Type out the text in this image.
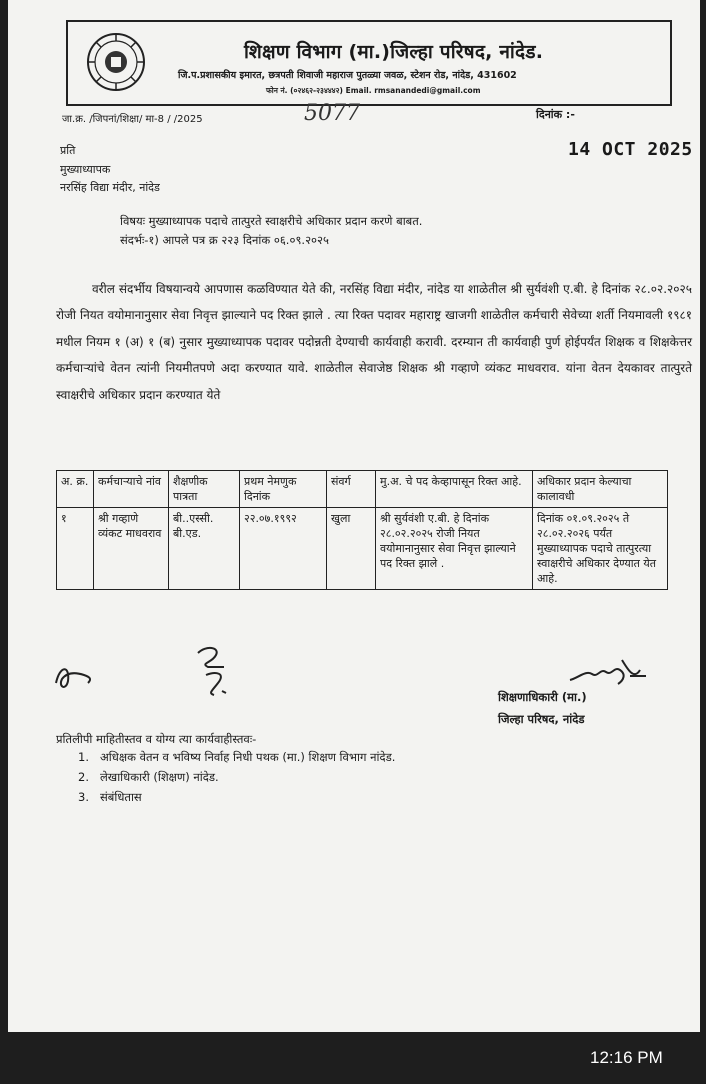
शिक्षण विभाग (मा.)जिल्हा परिषद, नांदेड.
जि.प.प्रशासकीय इमारत, छत्रपती शिवाजी महाराज पुतळ्या जवळ, स्टेशन रोड, नांदेड, 431602
फोन नं. (०२४६२-२३४४४२) Email. rmsanandedi@gmail.com
जा.क्र. /जिपनां/शिक्षा/ मा-8 / /2025	5077	दिनांक :-
14 OCT 2025
प्रति
मुख्याध्यापक
नरसिंह विद्या मंदीर, नांदेड
विषयः मुख्याध्यापक पदाचे तात्पुरते स्वाक्षरीचे अधिकार प्रदान करणे बाबत.
संदर्भः-१) आपले पत्र क्र २२३ दिनांक ०६.०९.२०२५
वरील संदर्भीय विषयान्वये आपणास कळविण्यात येते की, नरसिंह विद्या मंदीर, नांदेड या शाळेतील श्री सुर्यवंशी ए.बी. हे दिनांक २८.०२.२०२५ रोजी नियत वयोमानानुसार सेवा निवृत्त झाल्याने पद रिक्त झाले . त्या रिक्त पदावर महाराष्ट्र खाजगी शाळेतील कर्मचारी सेवेच्या शर्ती नियमावली १९८१ मधील नियम १ (अ) १ (ब) नुसार मुख्याध्यापक पदावर पदोन्नती देण्याची कार्यवाही करावी. दरम्यान ती कार्यवाही पुर्ण होईपर्यंत शिक्षक व शिक्षकेत्तर कर्मचाऱ्यांचे वेतन त्यांनी नियमीतपणे अदा करण्यात यावे. शाळेतील सेवाजेष्ठ शिक्षक श्री गव्हाणे व्यंकट माधवराव. यांना वेतन देयकावर तात्पुरते स्वाक्षरीचे अधिकार प्रदान करण्यात येते
अ. क्र.	कर्मचाऱ्याचे नांव	शैक्षणीक पात्रता	प्रथम नेमणुक दिनांक	संवर्ग	मु.अ. चे पद केव्हापासून रिक्त आहे.	अधिकार प्रदान केल्याचा कालावधी
१	श्री गव्हाणे व्यंकट माधवराव	बी..एस्सी. बी.एड.	२२.०७.१९९२	खुला	श्री सुर्यवंशी ए.बी. हे दिनांक २८.०२.२०२५ रोजी नियत वयोमानानुसार सेवा निवृत्त झाल्याने पद रिक्त झाले .	दिनांक ०१.०९.२०२५ ते २८.०२.२०२६ पर्यंत मुख्याध्यापक पदाचे तात्पुरत्या स्वाक्षरीचे अधिकार देण्यात येत आहे.
शिक्षणाधिकारी (मा.)
जिल्हा परिषद, नांदेड
प्रतिलीपी माहितीस्तव व योग्य त्या कार्यवाहीस्तवः-
1. अधिक्षक वेतन व भविष्य निर्वाह निधी पथक (मा.) शिक्षण विभाग नांदेड.
2. लेखाधिकारी (शिक्षण) नांदेड.
3. संबंधितास
12:16 PM
